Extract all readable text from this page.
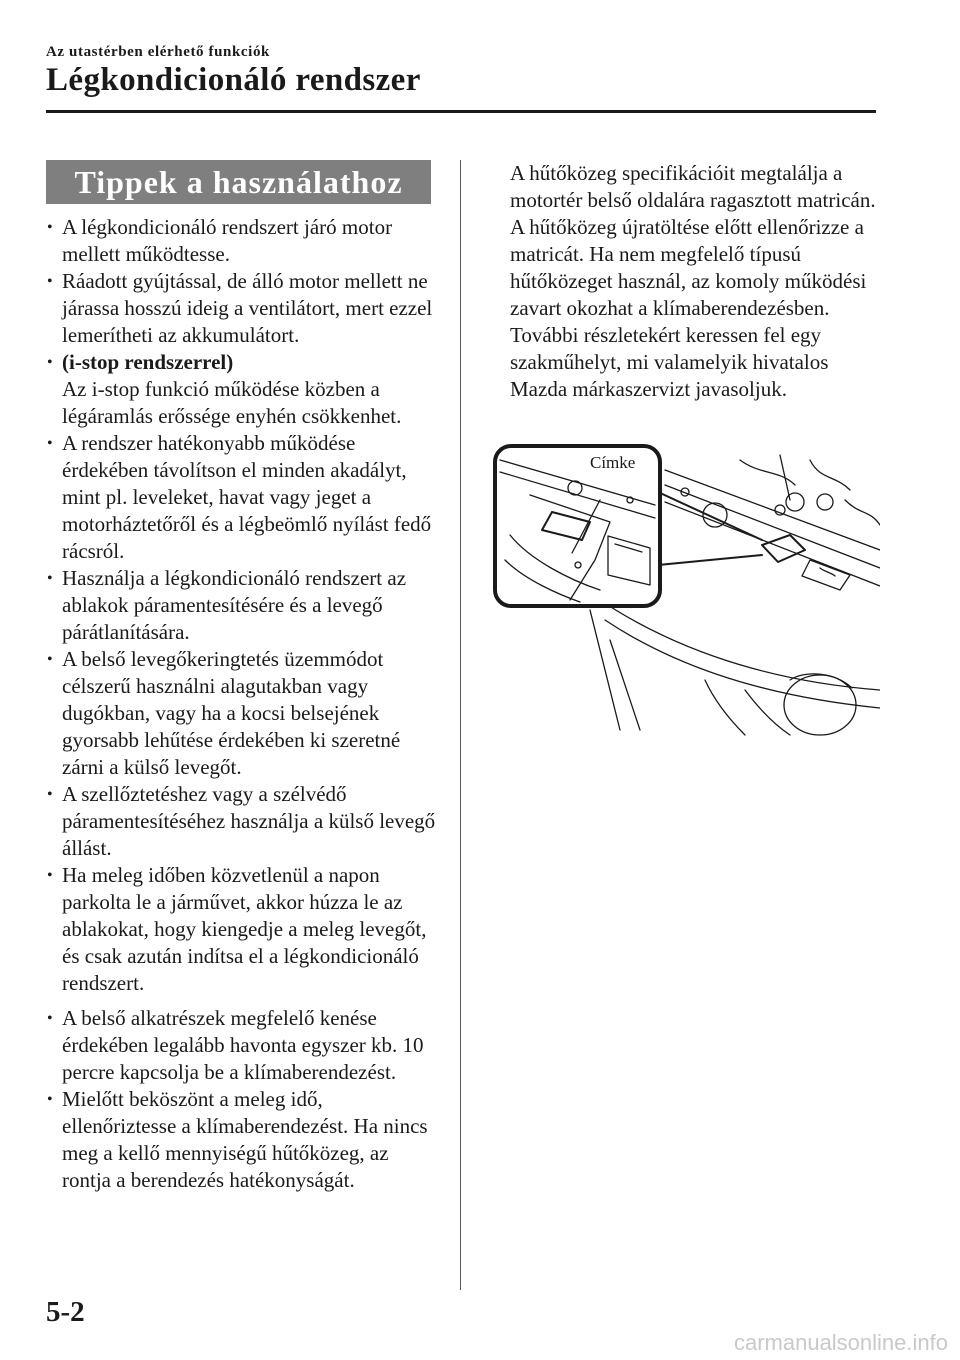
Az utastérben elérhető funkciók
Légkondicionáló rendszer
Tippek a használathoz
• A légkondicionáló rendszert járó motor mellett működtesse.
• Ráadott gyújtással, de álló motor mellett ne járassa hosszú ideig a ventilátort, mert ezzel lemerítheti az akkumulátort.
• (i-stop rendszerrel)
Az i-stop funkció működése közben a légáramlás erőssége enyhén csökkenhet.
• A rendszer hatékonyabb működése érdekében távolítson el minden akadályt, mint pl. leveleket, havat vagy jeget a motorháztetőről és a légbeömlő nyílást fedő rácsról.
• Használja a légkondicionáló rendszert az ablakok páramentesítésére és a levegő párátlanítására.
• A belső levegőkeringtetés üzemmódot célszerű használni alagutakban vagy dugókban, vagy ha a kocsi belsejének gyorsabb lehűtése érdekében ki szeretné zárni a külső levegőt.
• A szellőztetéshez vagy a szélvédő páramentesítéséhez használja a külső levegő állást.
• Ha meleg időben közvetlenül a napon parkolta le a járművet, akkor húzza le az ablakokat, hogy kiengedje a meleg levegőt, és csak azután indítsa el a légkondicionáló rendszert.
• A belső alkatrészek megfelelő kenése érdekében legalább havonta egyszer kb. 10 percre kapcsolja be a klímaberendezést.
• Mielőtt beköszönt a meleg idő, ellenőriztesse a klímaberendezést. Ha nincs meg a kellő mennyiségű hűtőközeg, az rontja a berendezés hatékonyságát.
A hűtőközeg specifikációit megtalálja a motortér belső oldalára ragasztott matricán. A hűtőközeg újratöltése előtt ellenőrizze a matricát. Ha nem megfelelő típusú hűtőközeget használ, az komoly működési zavart okozhat a klímaberendezésben.
További részletekért keressen fel egy szakműhelyt, mi valamelyik hivatalos Mazda márkaszervizt javasoljuk.
Címke
5-2
carmanualsonline.info
